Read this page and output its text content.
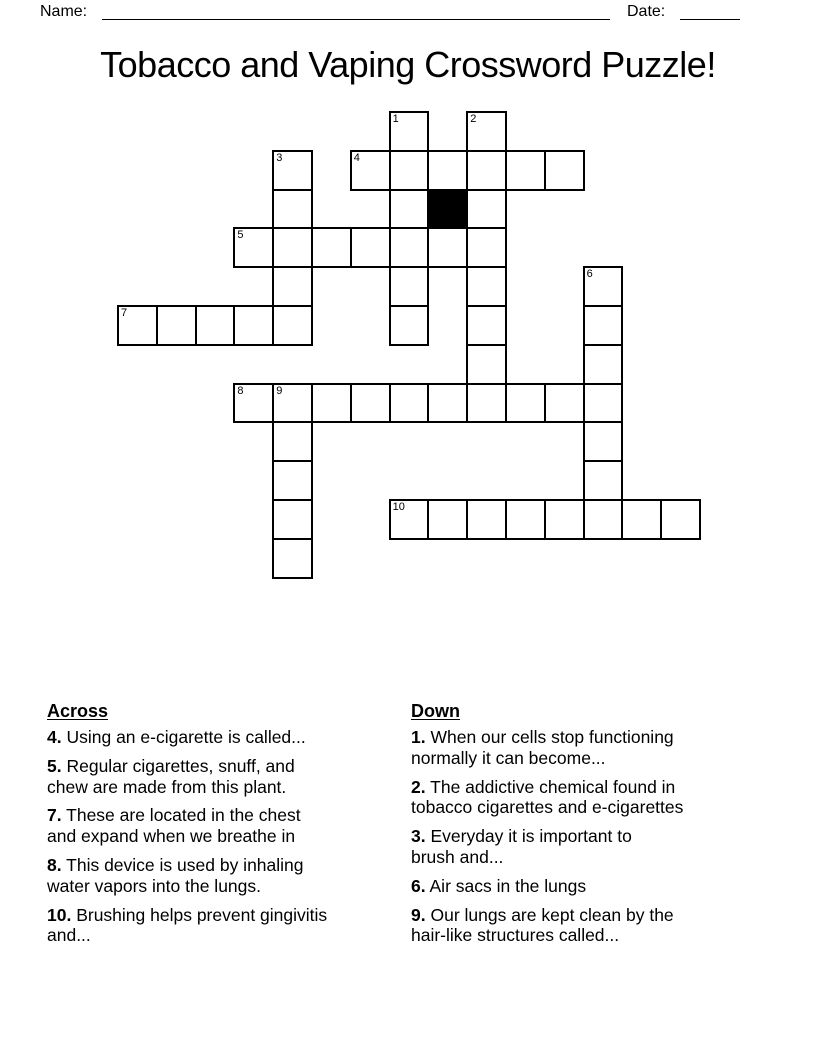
Name:	Date:
Tobacco and Vaping Crossword Puzzle!
1	2
3	4
5
6
7
8	9
10
Across

4. Using an e-cigarette is called...

5. Regular cigarettes, snuff, and
chew are made from this plant.

7. These are located in the chest
and expand when we breathe in

8. This device is used by inhaling
water vapors into the lungs.

10. Brushing helps prevent gingivitis
and...

Down

1. When our cells stop functioning
normally it can become...

2. The addictive chemical found in
tobacco cigarettes and e-cigarettes

3. Everyday it is important to
brush and...

6. Air sacs in the lungs

9. Our lungs are kept clean by the
hair-like structures called...
